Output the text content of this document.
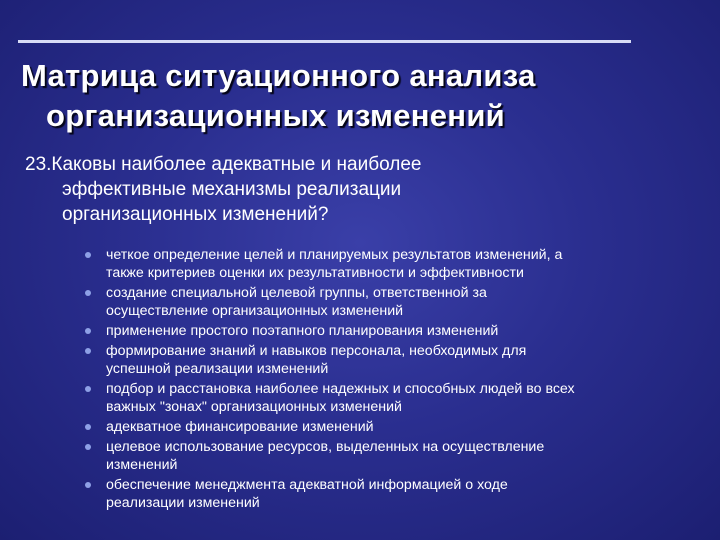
Матрица ситуационного анализа
организационных изменений
23.Каковы наиболее адекватные и наиболее
эффективные механизмы реализации
организационных изменений?
четкое определение целей и планируемых результатов изменений, а
также критериев оценки их результативности и эффективности
создание специальной целевой группы, ответственной за
осуществление организационных изменений
применение простого поэтапного планирования изменений
формирование знаний и навыков персонала, необходимых для
успешной реализации изменений
подбор и расстановка наиболее надежных и способных людей во всех
важных "зонах" организационных изменений
адекватное финансирование изменений
целевое использование ресурсов, выделенных на осуществление
изменений
обеспечение менеджмента адекватной информацией о ходе
реализации изменений
